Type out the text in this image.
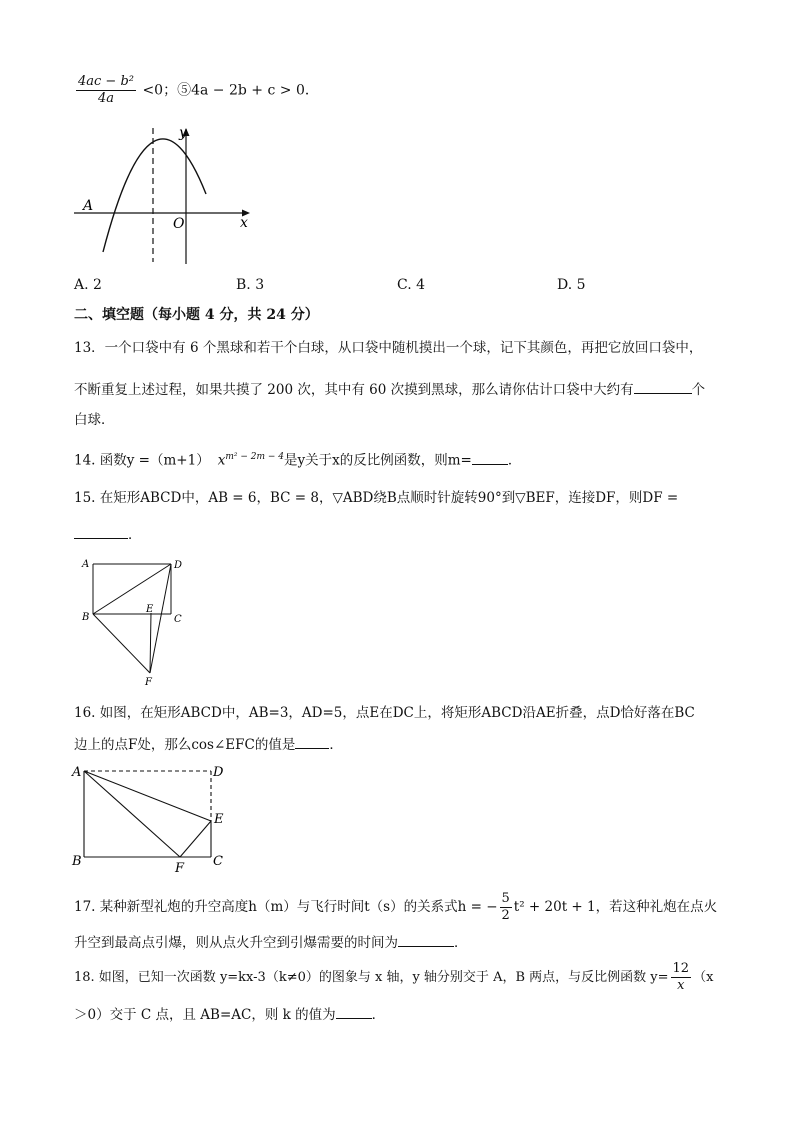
$\frac{\text{4ac − b²}}{4a} <0$；⑤4a − 2b + c > 0．
y
x
O
A
A. 2	B. 3	C. 4	D. 5
二、填空题（每小题 4 分，共 24 分）
13．一个口袋中有 6 个黑球和若干个白球，从口袋中随机摸出一个球，记下其颜色，再把它放回口袋中，
不断重复上述过程，如果共摸了 200 次，其中有 60 次摸到黑球，那么请你估计口袋中大约有	个
白球．
14. 函数y =（m+1） $x^{m^2 - 2m - 4}$是y关于x的反比例函数，则m=	．
15. 在矩形ABCD中，AB = 6，BC = 8，▽ABD绕B点顺时针旋转90°到▽BEF，连接DF，则DF =
．
A	D
B	C
E
F
16. 如图，在矩形ABCD中，AB=3，AD=5，点E在DC上，将矩形ABCD沿AE折叠，点D恰好落在BC
边上的点F处，那么cos∠EFC的值是	．
A	D
E
B	C
F
17. 某种新型礼炮的升空高度h（m）与飞行时间t（s）的关系式h = − $\frac{5}{2} t^2 + 20t + 1$，若这种礼炮在点火
升空到最高点引爆，则从点火升空到引爆需要的时间为	．
18. 如图，已知一次函数 y=kx-3（k≠0）的图象与 x 轴，y 轴分别交于 A，B 两点，与反比例函数 $y= \frac{12}{x} (x$
＞0）交于 C 点，且 AB=AC，则 k 的值为	．
